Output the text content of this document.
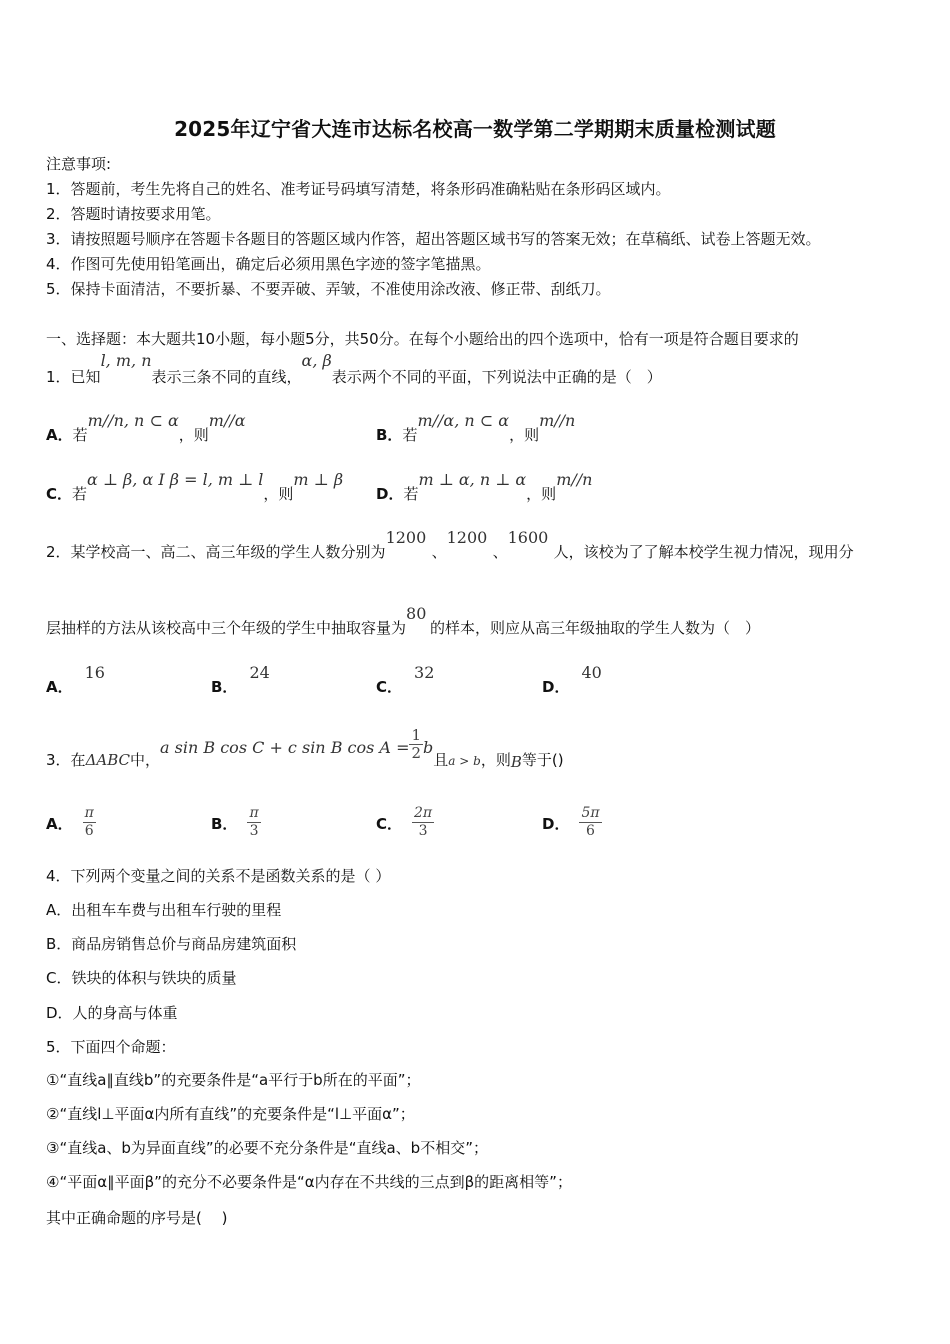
2025年辽宁省大连市达标名校高一数学第二学期期末质量检测试题
注意事项:
1．答题前，考生先将自己的姓名、准考证号码填写清楚，将条形码准确粘贴在条形码区域内。
2．答题时请按要求用笔。
3．请按照题号顺序在答题卡各题目的答题区域内作答，超出答题区域书写的答案无效；在草稿纸、试卷上答题无效。
4．作图可先使用铅笔画出，确定后必须用黑色字迹的签字笔描黑。
5．保持卡面清洁，不要折暴、不要弄破、弄皱，不准使用涂改液、修正带、刮纸刀。
一、选择题：本大题共10小题，每小题5分，共50分。在每个小题给出的四个选项中，恰有一项是符合题目要求的
1．已知l, m, n表示三条不同的直线，α, β表示两个不同的平面，下列说法中正确的是（　）
A．若m//n, n ⊂ α，则m//α
B．若m//α, n ⊂ α，则m//n
C．若α ⊥ β, α I β = l, m ⊥ l，则m ⊥ β
D．若m ⊥ α, n ⊥ α，则m//n
2．某学校高一、高二、高三年级的学生人数分别为1200、1200、1600人，该校为了了解本校学生视力情况，现用分
层抽样的方法从该校高中三个年级的学生中抽取容量为80的样本，则应从高三年级抽取的学生人数为（　）
A．16
B．24
C．32
D．40
3．在ΔABC中，a sin B cos C + c sin B $\cos A = \frac{1}{2}$ b且$_{a > b}$，则B等于()
A． $\frac{\pi}{6}$	B． $\frac{\pi}{3}$	C． $\frac{2\pi}{3}$	D． $\frac{5\pi}{6}$
4．下列两个变量之间的关系不是函数关系的是（ ）
A．出租车车费与出租车行驶的里程
B．商品房销售总价与商品房建筑面积
C．铁块的体积与铁块的质量
D．人的身高与体重
5．下面四个命题：
①“直线a∥直线b”的充要条件是“a平行于b所在的平面”；
②“直线l⊥平面α内所有直线”的充要条件是“l⊥平面α”；
③“直线a、b为异面直线”的必要不充分条件是“直线a、b不相交”；
④“平面α∥平面β”的充分不必要条件是“α内存在不共线的三点到β的距离相等”；
其中正确命题的序号是(　 )
